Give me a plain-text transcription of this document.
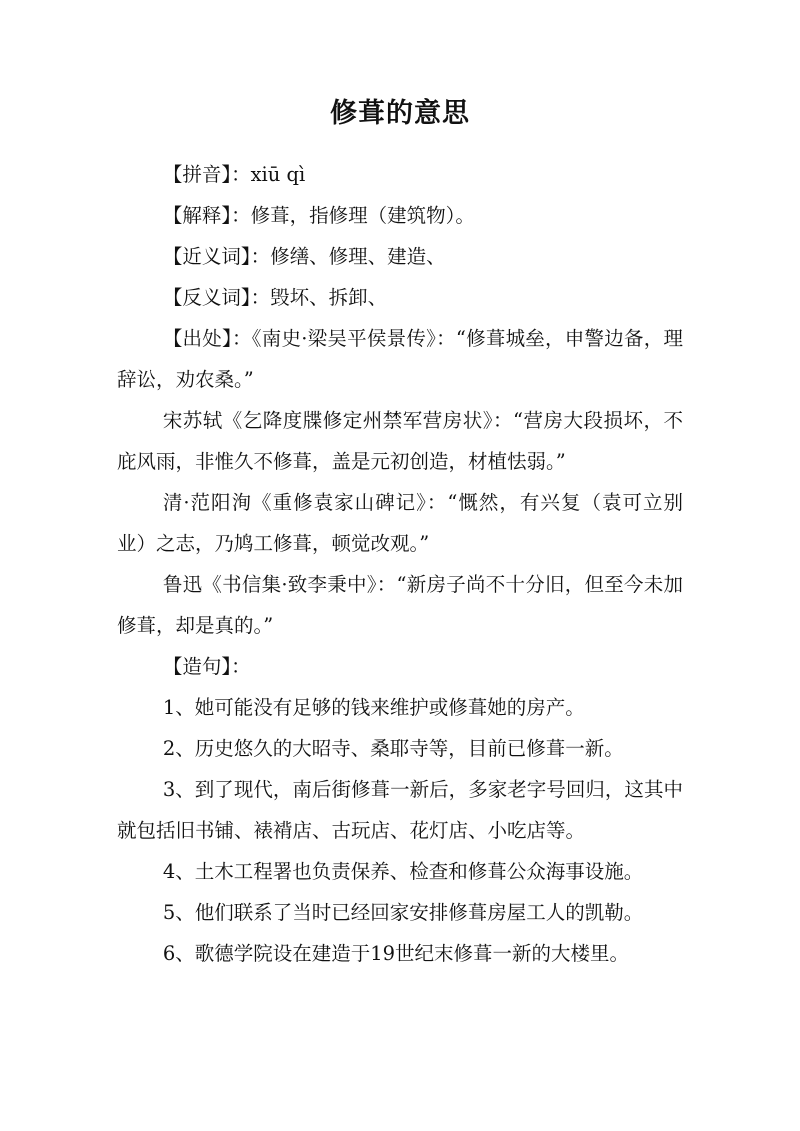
修葺的意思

【拼音】：xiū qì

【解释】：修葺，指修理（建筑物）。

【近义词】：修缮、修理、建造、

【反义词】：毁坏、拆卸、

【出处】：《南史·梁吴平侯景传》：“修葺城垒，申警边备，理辞讼，劝农桑。”

宋苏轼《乞降度牒修定州禁军营房状》：“营房大段损坏，不庇风雨，非惟久不修葺，盖是元初创造，材植怯弱。”

清·范阳洵《重修袁家山碑记》：“慨然，有兴复（袁可立别业）之志，乃鸠工修葺，顿觉改观。”

鲁迅《书信集·致李秉中》：“新房子尚不十分旧，但至今未加修葺，却是真的。”

【造句】：

1、她可能没有足够的钱来维护或修葺她的房产。

2、历史悠久的大昭寺、桑耶寺等，目前已修葺一新。

3、到了现代，南后街修葺一新后，多家老字号回归，这其中就包括旧书铺、裱褙店、古玩店、花灯店、小吃店等。

4、土木工程署也负责保养、检查和修葺公众海事设施。

5、他们联系了当时已经回家安排修葺房屋工人的凯勒。

6、歌德学院设在建造于19世纪末修葺一新的大楼里。
